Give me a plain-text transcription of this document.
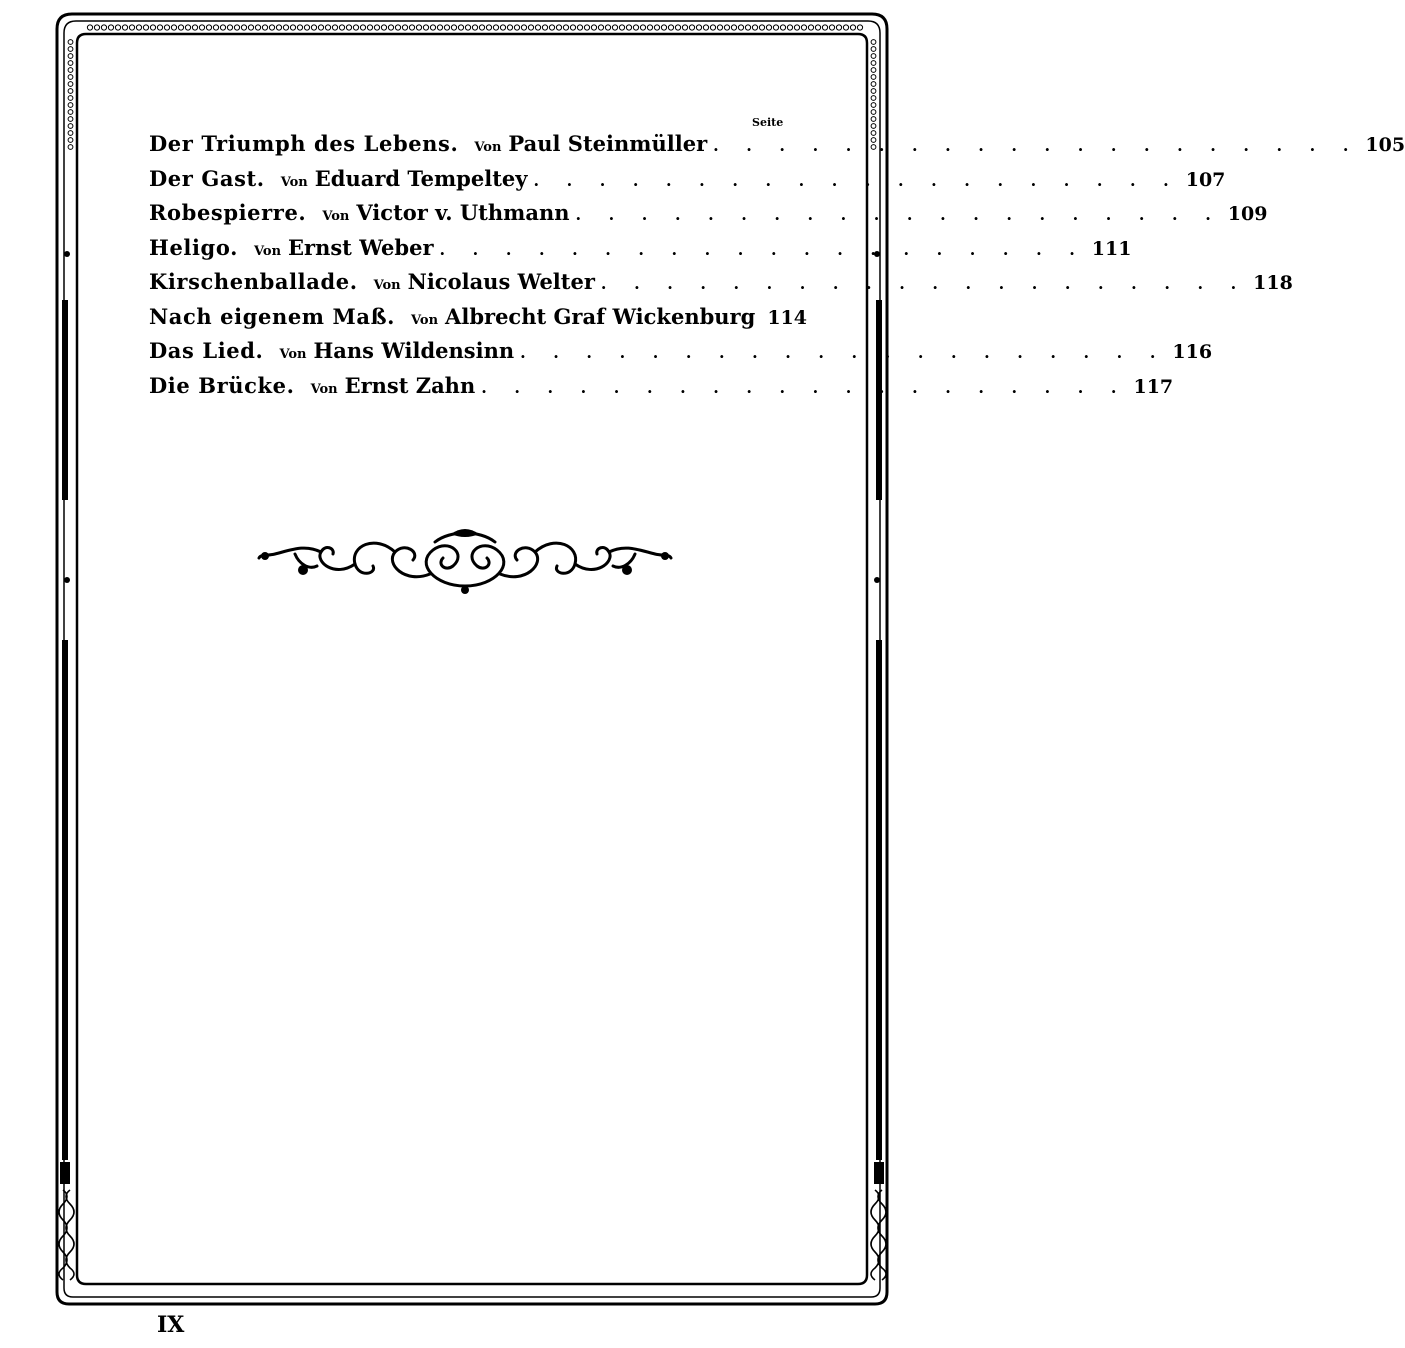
Seite
Der Triumph des Lebens. Von Paul Steinmüller . . . . . . . . . . . . . . . . . . . . 105
Der Gast. Von Eduard Tempeltey . . . . . . . . . . . . . . . . . . . . 107
Robespierre. Von Victor v. Uthmann . . . . . . . . . . . . . . . . . . . . 109
Heligo. Von Ernst Weber . . . . . . . . . . . . . . . . . . . . 111
Kirschenballade. Von Nicolaus Welter . . . . . . . . . . . . . . . . . . . . 118
Nach eigenem Maß. Von Albrecht Graf Wickenburg 114
Das Lied. Von Hans Wildensinn . . . . . . . . . . . . . . . . . . . . 116
Die Brücke. Von Ernst Zahn . . . . . . . . . . . . . . . . . . . . 117
IX
